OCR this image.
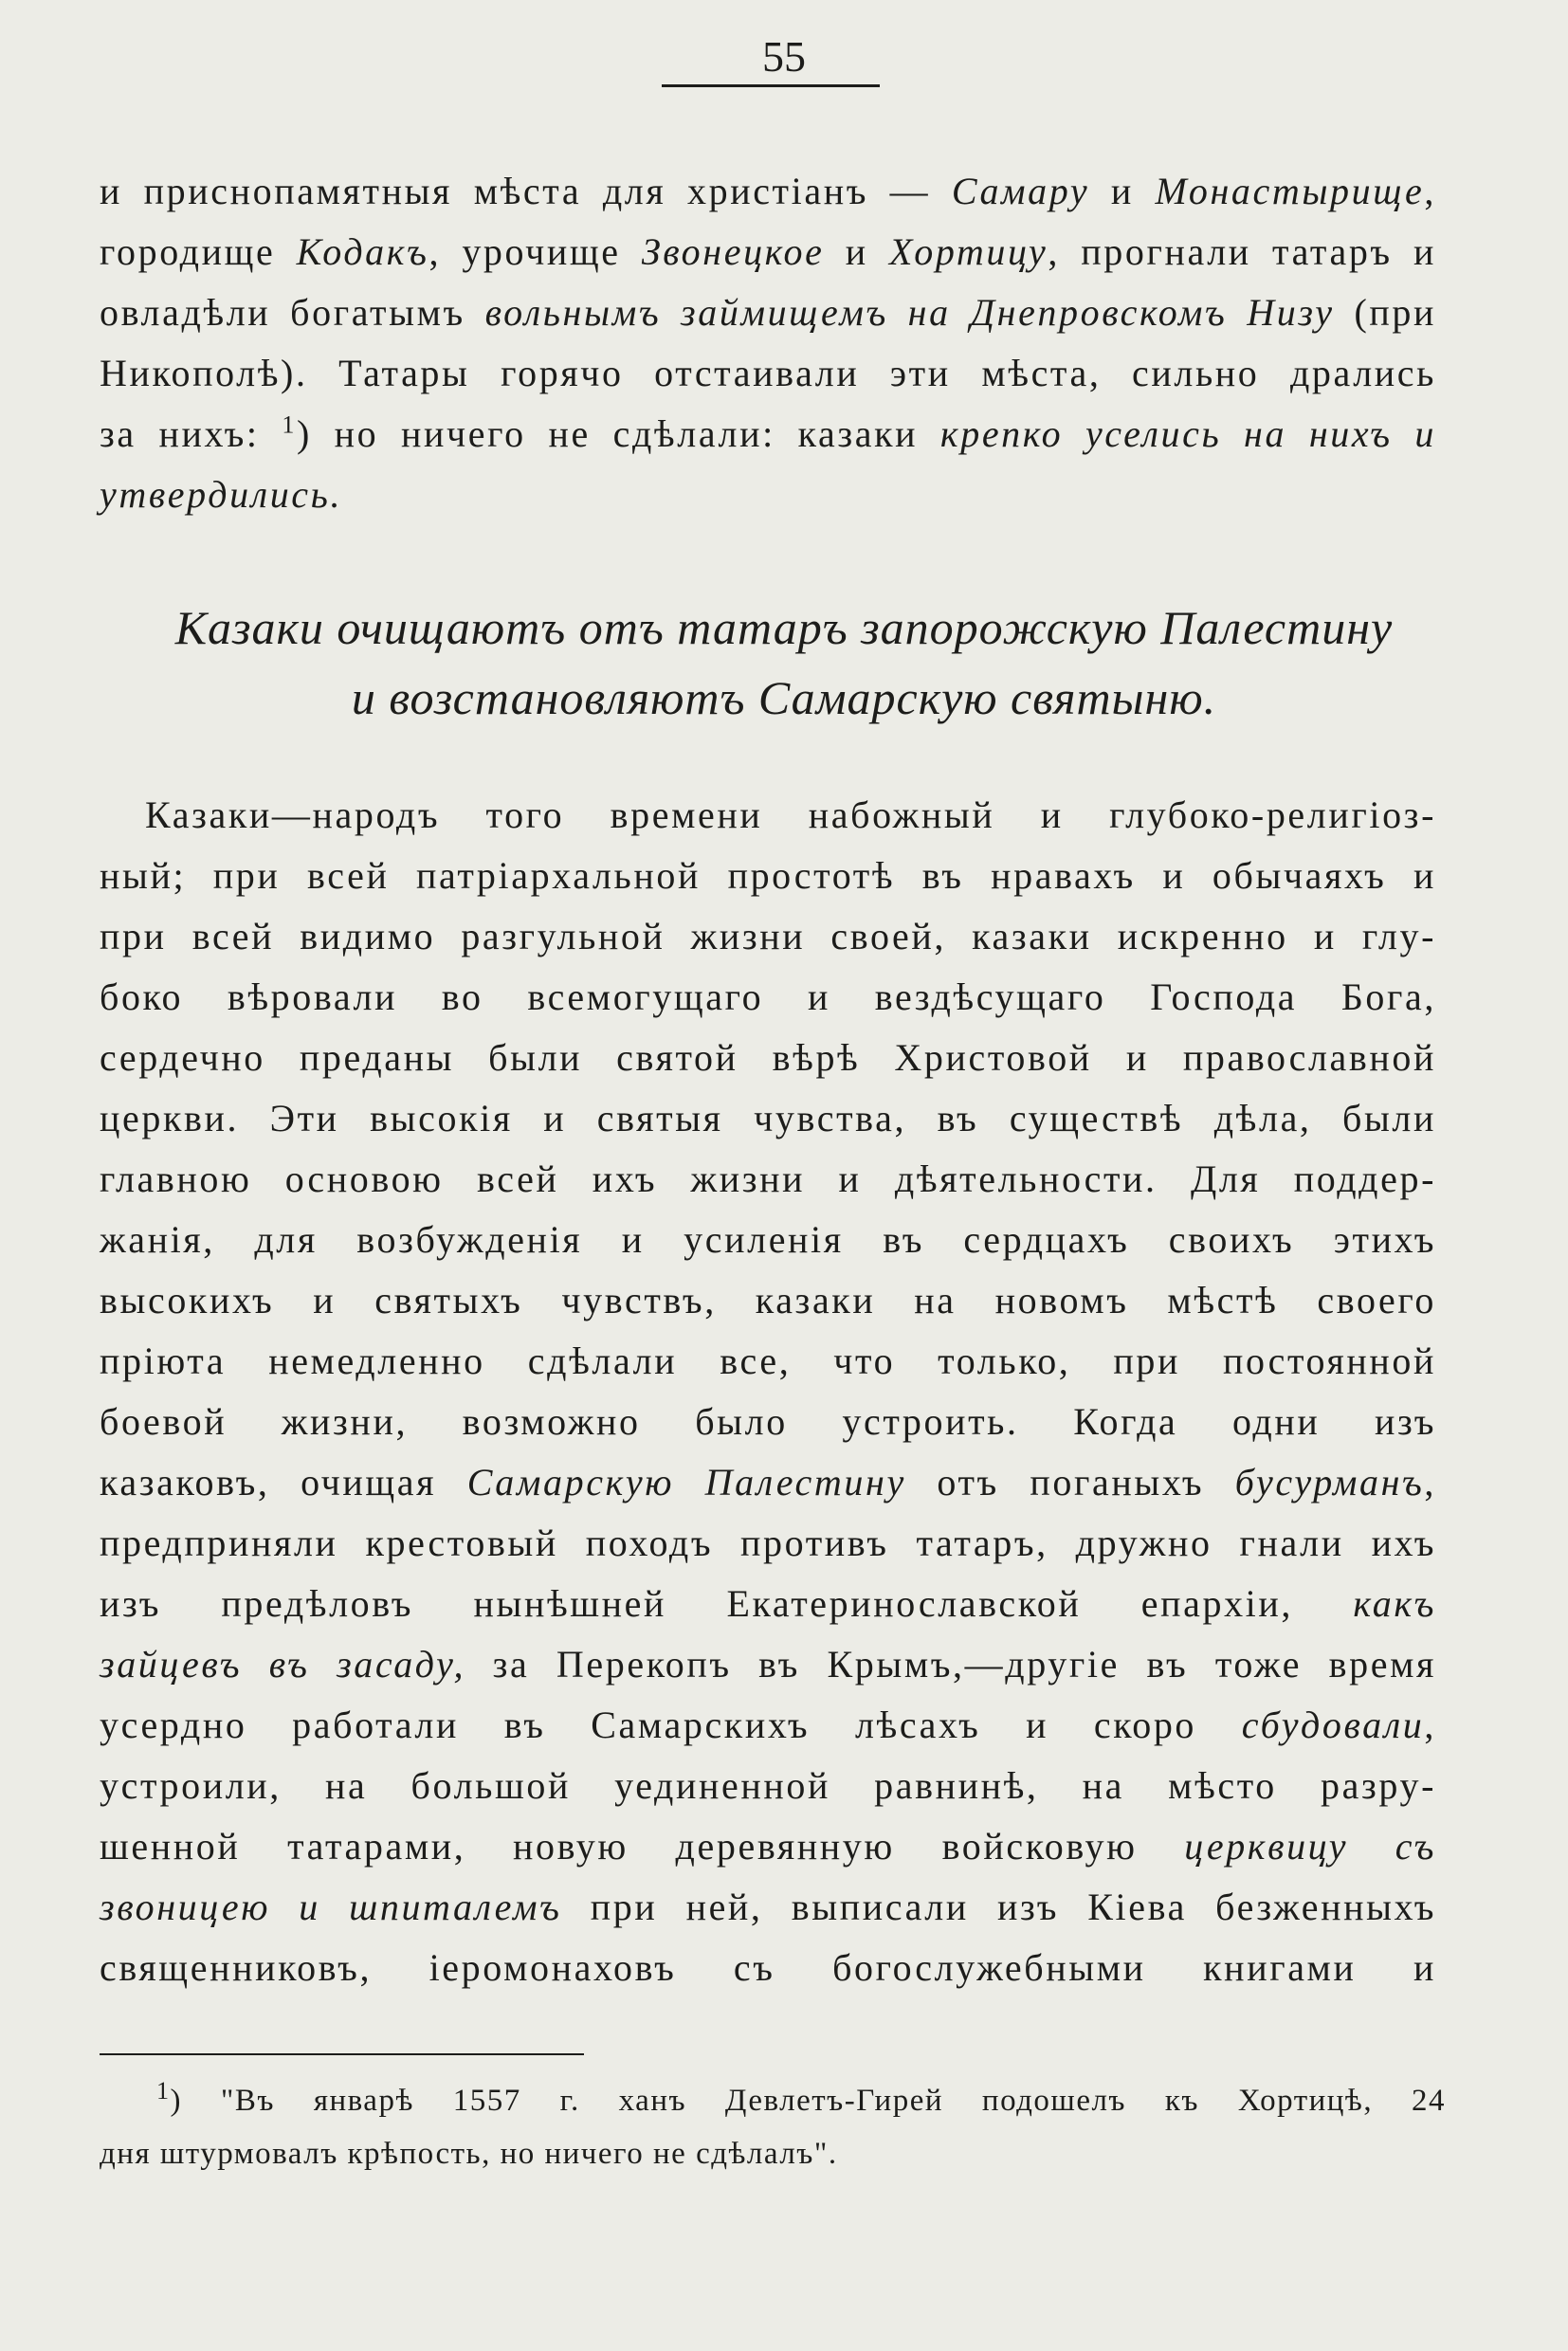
55
и приснопамятныя мѣста для христіанъ — Самару и Монастырище,
городище Кодакъ, урочище Звонецкое и Хортицу, прогнали татаръ и
овладѣли богатымъ вольнымъ займищемъ на Днепровскомъ Низу (при
Никополѣ). Татары горячо отстаивали эти мѣста, сильно дрались
за нихъ: $^1$) но ничего не сдѣлали: казаки крепко уселись на нихъ и
утвердились.
Казаки очищаютъ отъ татаръ запорожскую Палестину
и возстановляютъ Самарскую святыню.
Казаки—народъ того времени набожный и глубоко-религіоз-
ный; при всей патріархальной простотѣ въ нравахъ и обычаяхъ и
при всей видимо разгульной жизни своей, казаки искренно и глу-
боко вѣровали во всемогущаго и вездѣсущаго Господа Бога,
сердечно преданы были святой вѣрѣ Христовой и православной
церкви. Эти высокія и святыя чувства, въ существѣ дѣла, были
главною основою всей ихъ жизни и дѣятельности. Для поддер-
жанія, для возбужденія и усиленія въ сердцахъ своихъ этихъ
высокихъ и святыхъ чувствъ, казаки на новомъ мѣстѣ своего
пріюта немедленно сдѣлали все, что только, при постоянной
боевой жизни, возможно было устроить. Когда одни изъ
казаковъ, очищая Самарскую Палестину отъ поганыхъ бусурманъ,
предприняли крестовый походъ противъ татаръ, дружно гнали ихъ
изъ предѣловъ нынѣшней Екатеринославской епархіи, какъ
зайцевъ въ засаду, за Перекопъ въ Крымъ,—другіе въ тоже время
усердно работали въ Самарскихъ лѣсахъ и скоро сбудовали,
устроили, на большой уединенной равнинѣ, на мѣсто разру-
шенной татарами, новую деревянную войсковую церквицу съ
звоницею и шпиталемъ при ней, выписали изъ Кіева безженныхъ
священниковъ, іеромонаховъ съ богослужебными книгами и
$^1$) "Въ январѣ 1557 г. ханъ Девлетъ-Гирей подошелъ къ Хортицѣ, 24
дня штурмовалъ крѣпость, но ничего не сдѣлалъ".
